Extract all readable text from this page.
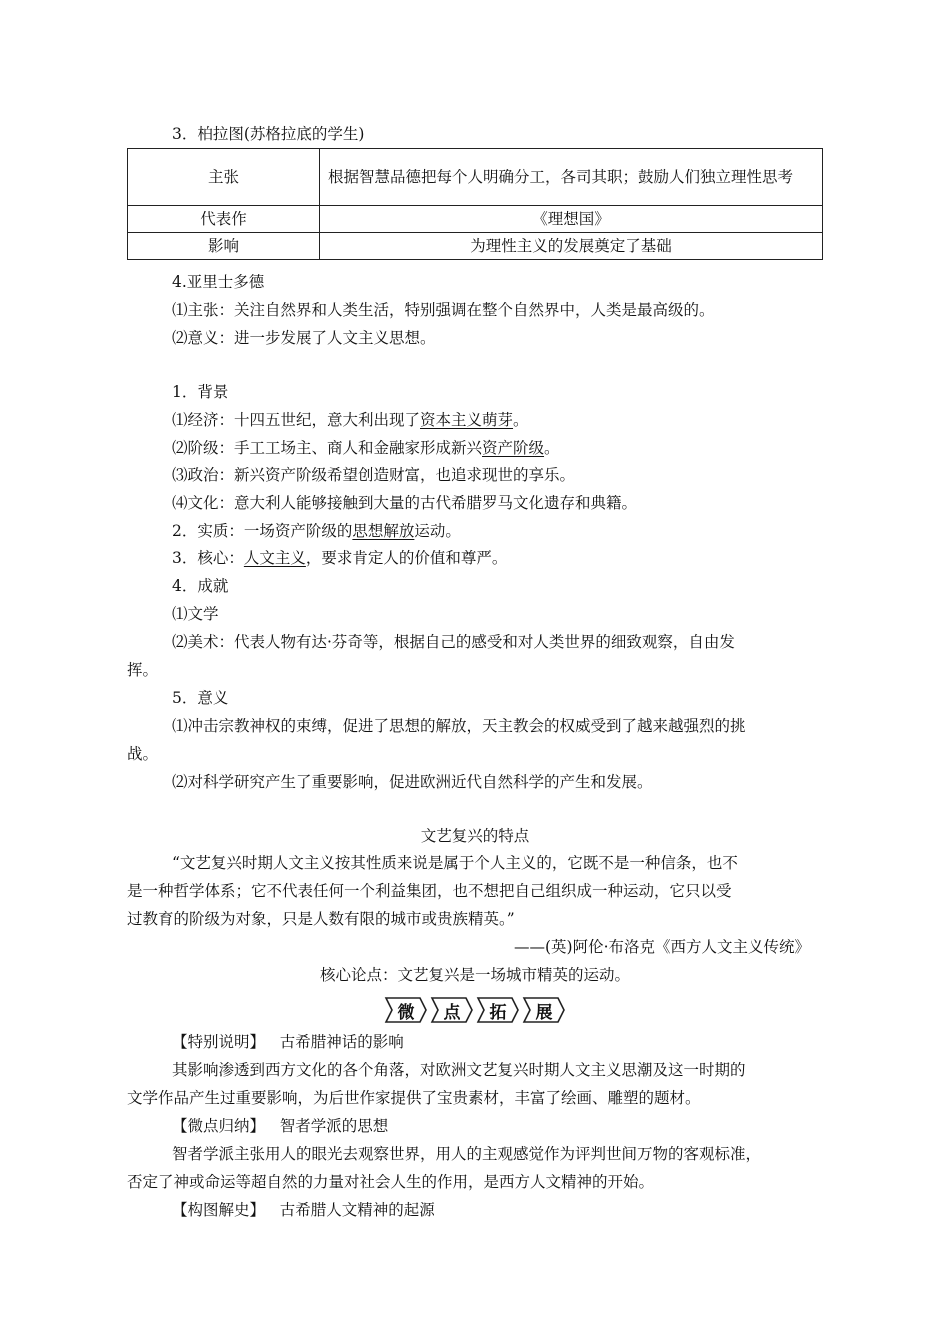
3．柏拉图(苏格拉底的学生)
主张	根据智慧品德把每个人明确分工，各司其职；鼓励人们独立理性思考
代表作	《理想国》
影响	为理性主义的发展奠定了基础
4.亚里士多德
⑴主张：关注自然界和人类生活，特别强调在整个自然界中，人类是最高级的。
⑵意义：进一步发展了人文主义思想。
1．背景
⑴经济：十四五世纪，意大利出现了资本主义萌芽。
⑵阶级：手工工场主、商人和金融家形成新兴资产阶级。
⑶政治：新兴资产阶级希望创造财富，也追求现世的享乐。
⑷文化：意大利人能够接触到大量的古代希腊罗马文化遗存和典籍。
2．实质：一场资产阶级的思想解放运动。
3．核心：人文主义，要求肯定人的价值和尊严。
4．成就
⑴文学
⑵美术：代表人物有达·芬奇等，根据自己的感受和对人类世界的细致观察，自由发
挥。
5．意义
⑴冲击宗教神权的束缚，促进了思想的解放，天主教会的权威受到了越来越强烈的挑
战。
⑵对科学研究产生了重要影响，促进欧洲近代自然科学的产生和发展。
文艺复兴的特点
“文艺复兴时期人文主义按其性质来说是属于个人主义的，它既不是一种信条，也不
是一种哲学体系；它不代表任何一个利益集团，也不想把自己组织成一种运动，它只以受
过教育的阶级为对象，只是人数有限的城市或贵族精英。”
——(英)阿伦·布洛克《西方人文主义传统》
核心论点：文艺复兴是一场城市精英的运动。
微 点 拓 展
【特别说明】 古希腊神话的影响
其影响渗透到西方文化的各个角落，对欧洲文艺复兴时期人文主义思潮及这一时期的
文学作品产生过重要影响，为后世作家提供了宝贵素材，丰富了绘画、雕塑的题材。
【微点归纳】 智者学派的思想
智者学派主张用人的眼光去观察世界，用人的主观感觉作为评判世间万物的客观标准，
否定了神或命运等超自然的力量对社会人生的作用，是西方人文精神的开始。
【构图解史】 古希腊人文精神的起源
